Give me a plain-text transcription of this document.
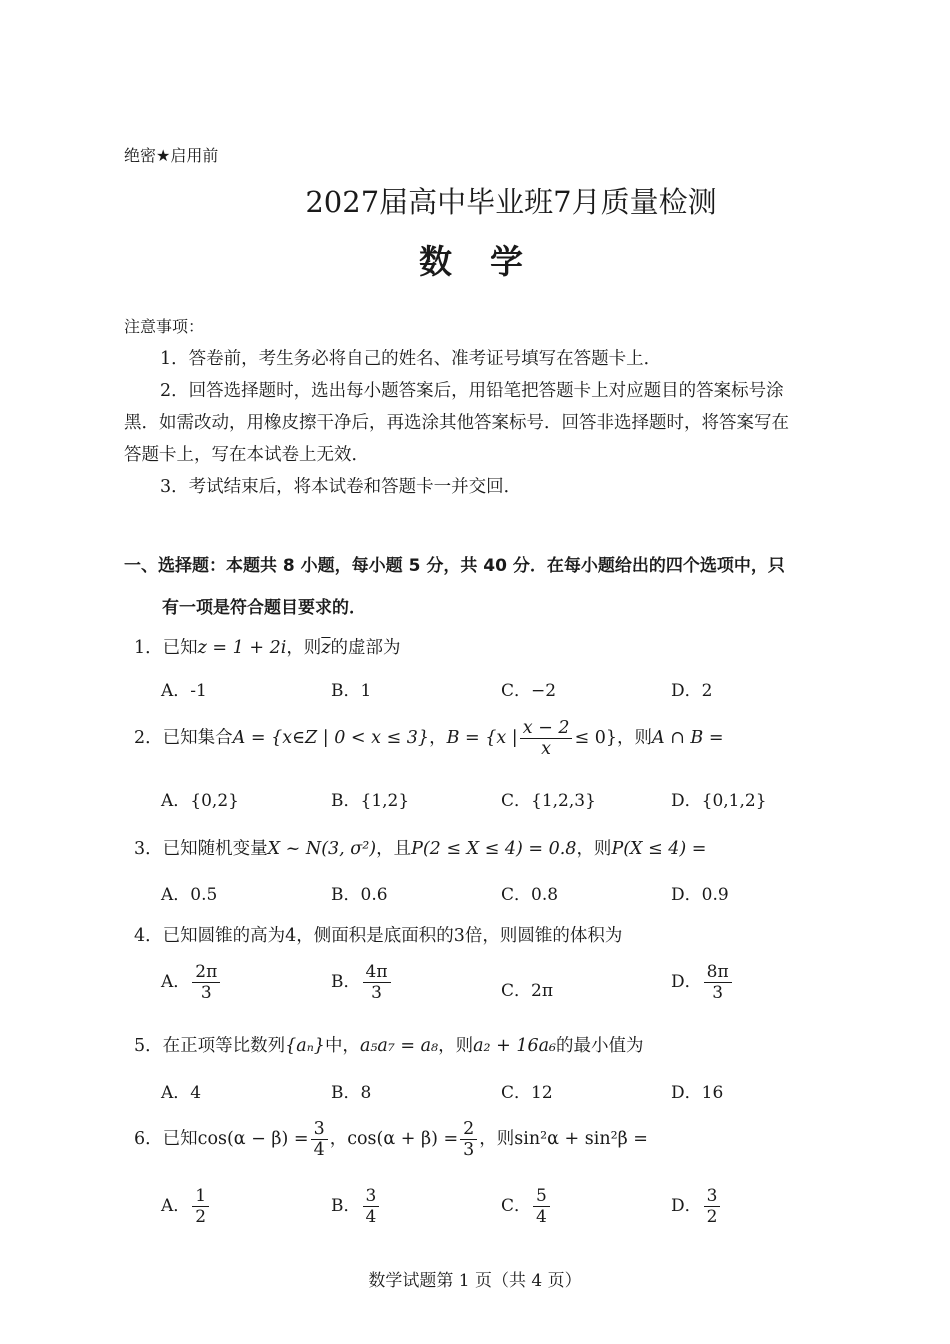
绝密★启用前
2027届高中毕业班7月质量检测
数学
注意事项：
1．答卷前，考生务必将自己的姓名、准考证号填写在答题卡上．
2．回答选择题时，选出每小题答案后，用铅笔把答题卡上对应题目的答案标号涂
黑．如需改动，用橡皮擦干净后，再选涂其他答案标号．回答非选择题时，将答案写在
答题卡上，写在本试卷上无效．
3．考试结束后，将本试卷和答题卡一并交回．
一、选择题：本题共 8 小题，每小题 5 分，共 40 分．在每小题给出的四个选项中，只
有一项是符合题目要求的．
1．已知z = 1 + 2i，则$\overline{z}$的虚部为
A．-1	B．1	C．−2	D．2
2．已知集合A = {x∈Z | 0 < x ≤ 3}，B = {x | $\frac{x - 2}{x} \le 0$}，则A ∩ B =
A．{0,2}	B．{1,2}	C．{1,2,3}	D．{0,1,2}
3．已知随机变量X ~ N(3, σ²)，且P(2 ≤ X ≤ 4) = 0.8，则P(X ≤ 4) =
A．0.5	B．0.6	C．0.8	D．0.9
4．已知圆锥的高为4，侧面积是底面积的3倍，则圆锥的体积为
A． $\frac{2\pi}{3}$	B． $\frac{4\pi}{3}$	C．2π	D． $\frac{8\pi}{3}$
5．在正项等比数列{aₙ}中，a₅a₇ = a₈，则a₂ + 16a₆的最小值为
A．4	B．8	C．12	D．16
6．已知$\cos(\alpha - \beta) = \frac{3}{4}$ ，$\cos(\alpha + \beta) = \frac{2}{3}$ ，则sin²α + sin²β =
A． $\frac{1}{2}$	B． $\frac{3}{4}$	C． $\frac{5}{4}$	D． $\frac{3}{2}$
数学试题第 1 页（共 4 页）
